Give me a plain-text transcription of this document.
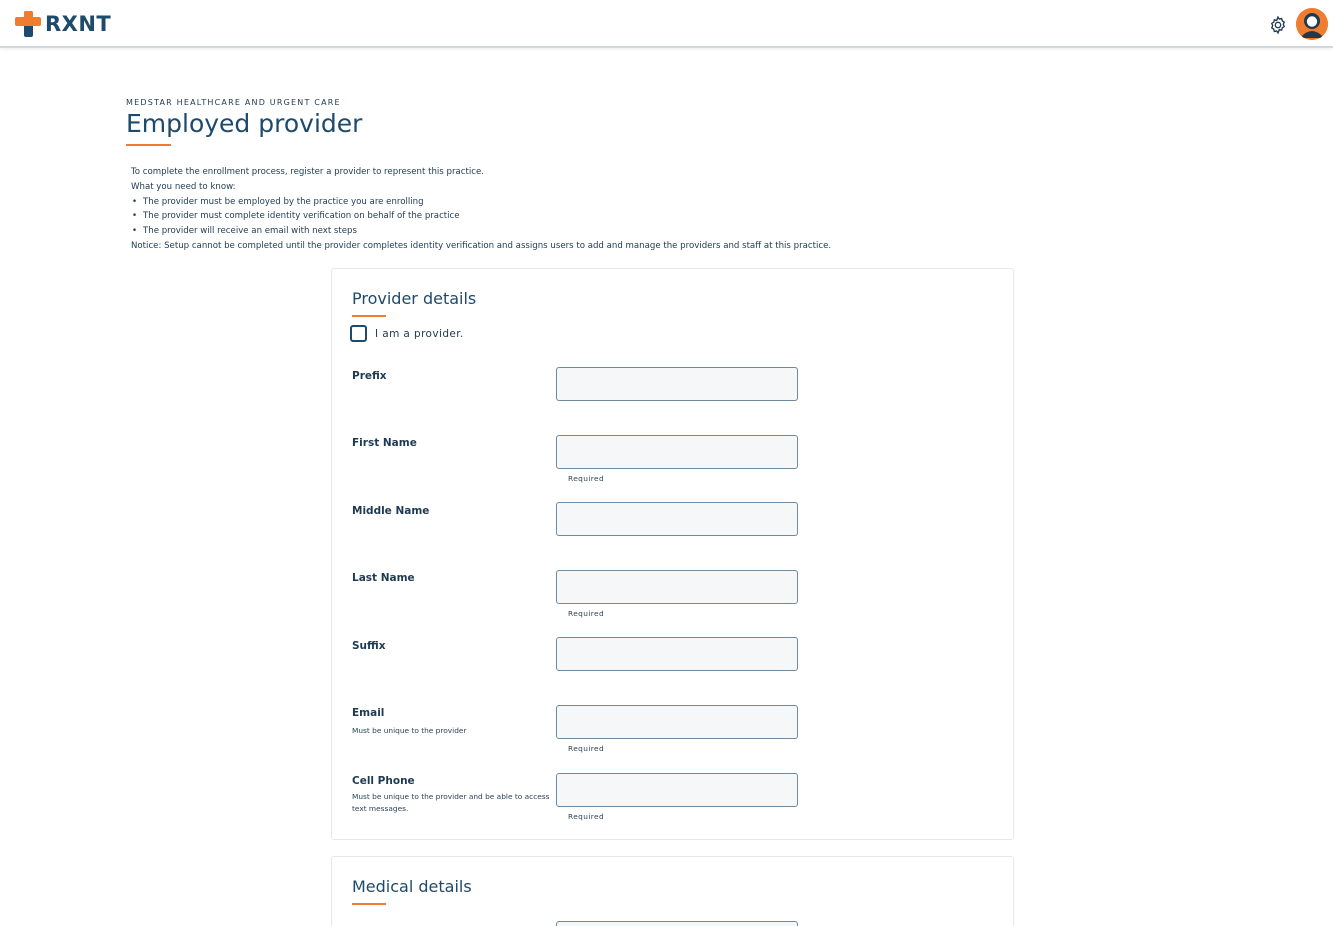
RXNT
MEDSTAR HEALTHCARE AND URGENT CARE
Employed provider
To complete the enrollment process, register a provider to represent this practice.
What you need to know:
• The provider must be employed by the practice you are enrolling
• The provider must complete identity verification on behalf of the practice
• The provider will receive an email with next steps
Notice: Setup cannot be completed until the provider completes identity verification and assigns users to add and manage the providers and staff at this practice.
Provider details
I am a provider.
Prefix
First Name
Required
Middle Name
Last Name
Required
Suffix
Email
Must be unique to the provider
Required
Cell Phone
Must be unique to the provider and be able to access text messages.
Required
Medical details
